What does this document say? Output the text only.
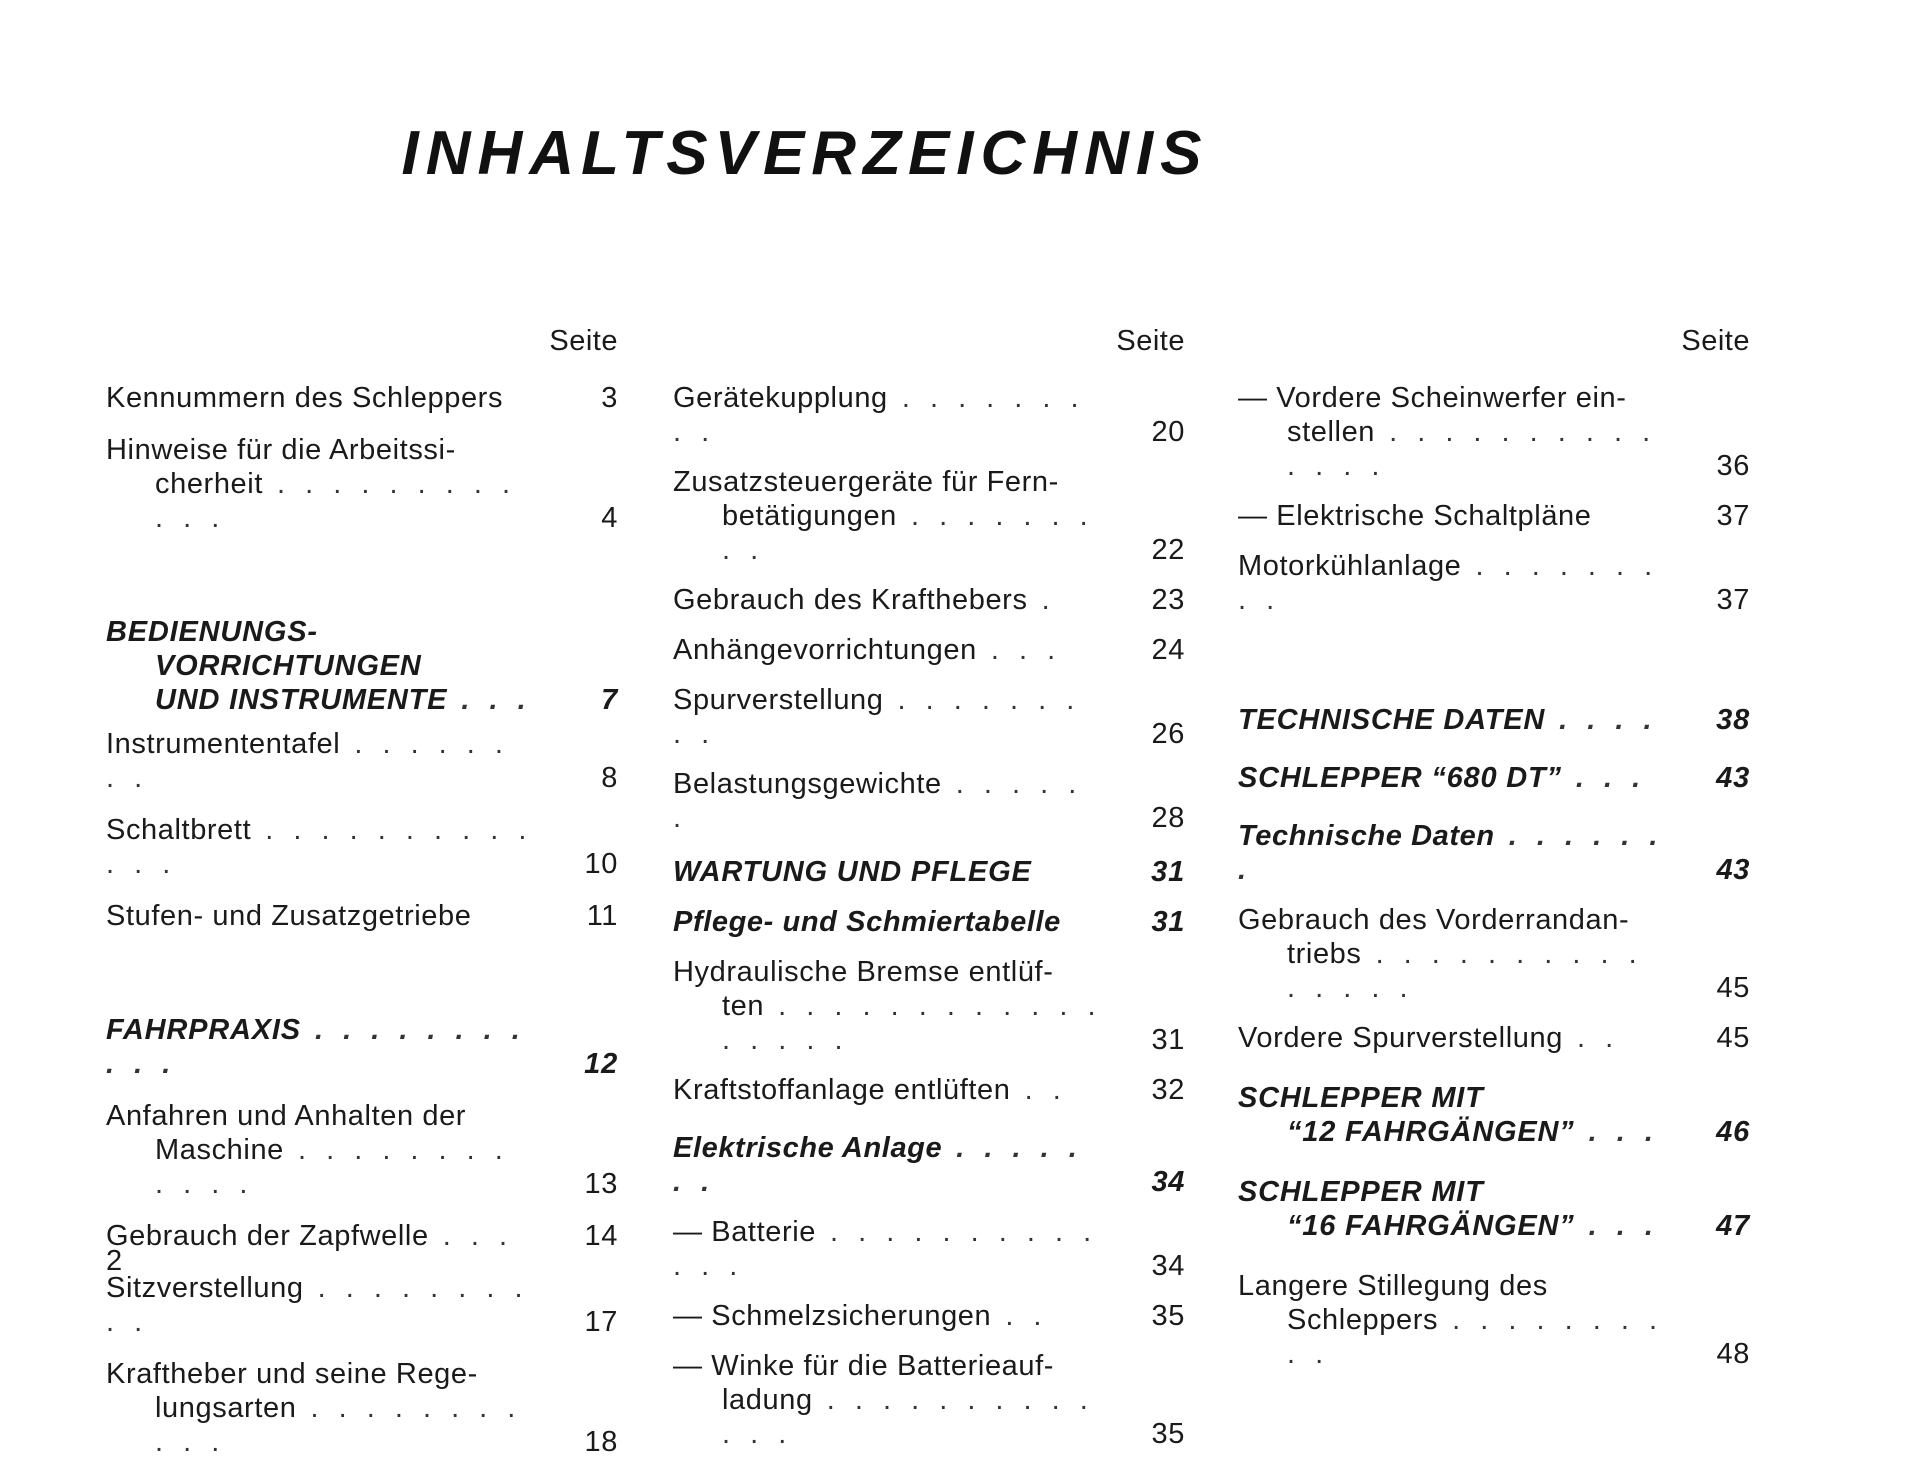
INHALTSVERZEICHNIS
Seite
Kennummern des Schleppers	3
Hinweise für die Arbeitssi-
cherheit . . . . . . . . . . . .	4
BEDIENUNGS-
VORRICHTUNGEN
UND INSTRUMENTE . . . 7
Instrumententafel . . . . . . . .	8
Schaltbrett . . . . . . . . . . . . .	10
Stufen- und Zusatzgetriebe	11
FAHRPRAXIS . . . . . . . . . . .	12
Anfahren und Anhalten der
Maschine . . . . . . . . . . . .	13
Gebrauch der Zapfwelle . . .	14
Sitzverstellung . . . . . . . . . .	17
Kraftheber und seine Rege-
lungsarten . . . . . . . . . . .	18
Seite
Gerätekupplung . . . . . . . . .	20
Zusatzsteuergeräte für Fern-
betätigungen . . . . . . . . .	22
Gebrauch des Krafthebers .	23
Anhängevorrichtungen . . .	24
Spurverstellung . . . . . . . . .	26
Belastungsgewichte . . . . . .	28
WARTUNG UND PFLEGE	31
Pflege- und Schmiertabelle	31
Hydraulische Bremse entlüf-
ten . . . . . . . . . . . . . . . . .	31
Kraftstoffanlage entlüften . .	32
Elektrische Anlage . . . . . . .	34
— Batterie . . . . . . . . . . . . .	34
— Schmelzsicherungen . .	35
— Winke für die Batterieauf-
ladung . . . . . . . . . . . . .	35
Seite
— Vordere Scheinwerfer ein-
stellen . . . . . . . . . . . . . .	36
— Elektrische Schaltpläne	37
Motorkühlanlage . . . . . . . . .	37
TECHNISCHE DATEN . . . .	38
SCHLEPPER “680 DT” . . .	43
Technische Daten . . . . . . .	43
Gebrauch des Vorderrandan-
triebs . . . . . . . . . . . . . . .	45
Vordere Spurverstellung . .	45
SCHLEPPER MIT
“12 FAHRGÄNGEN” . . .	46
SCHLEPPER MIT
“16 FAHRGÄNGEN” . . .	47
Langere Stillegung des
Schleppers . . . . . . . . . .	48
2
